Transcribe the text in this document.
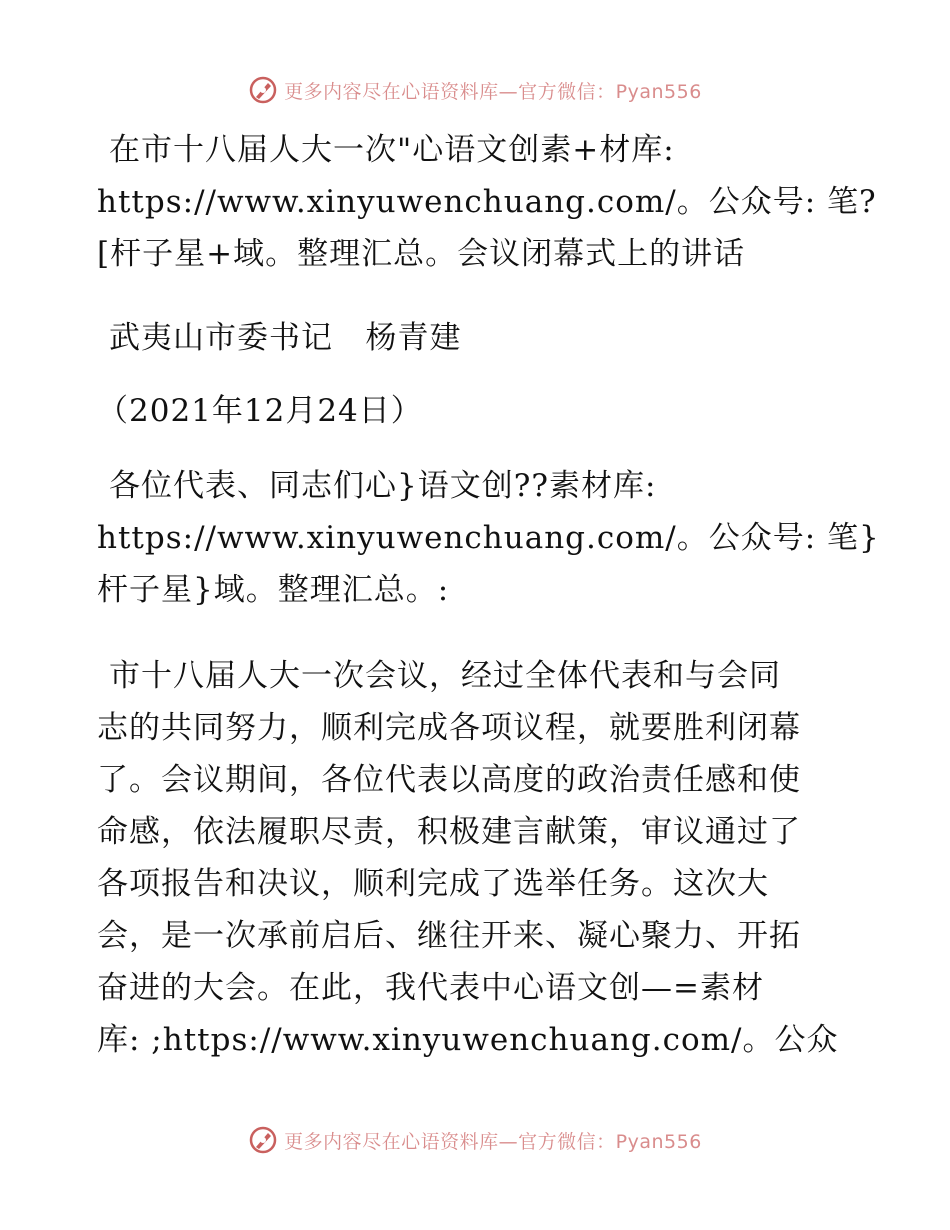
更多内容尽在心语资料库—官方微信：Pyan556
在市十八届人大一次"心语文创素+材库:
https://www.xinyuwenchuang.com/。公众号: 笔?
[杆子星+域。整理汇总。会议闭幕式上的讲话
武夷山市委书记   杨青建
（2021年12月24日）
各位代表、同志们心}语文创??素材库:
https://www.xinyuwenchuang.com/。公众号: 笔}
杆子星}域。整理汇总。:
市十八届人大一次会议，经过全体代表和与会同
志的共同努力，顺利完成各项议程，就要胜利闭幕
了。会议期间，各位代表以高度的政治责任感和使
命感，依法履职尽责，积极建言献策，审议通过了
各项报告和决议，顺利完成了选举任务。这次大
会，是一次承前启后、继往开来、凝心聚力、开拓
奋进的大会。在此，我代表中心语文创—=素材
库: ;https://www.xinyuwenchuang.com/。公众
更多内容尽在心语资料库—官方微信：Pyan556
